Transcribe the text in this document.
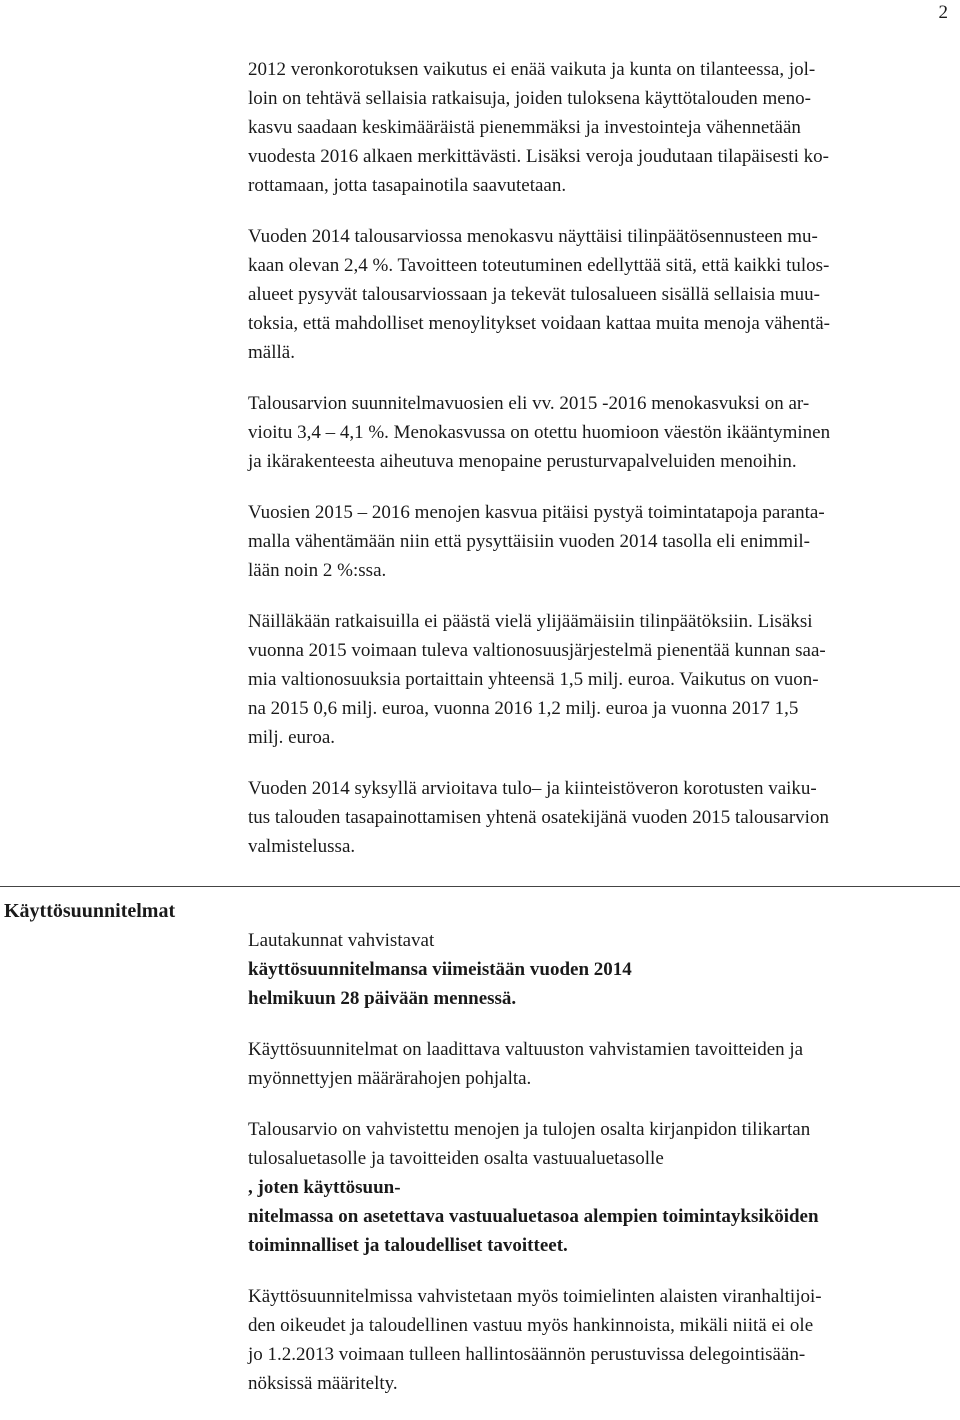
2

2012 veronkorotuksen vaikutus ei enää vaikuta ja kunta on tilanteessa, jol-
loin on tehtävä sellaisia ratkaisuja, joiden tuloksena käyttötalouden meno-
kasvu saadaan keskimääräistä pienemmäksi ja investointeja vähennetään
vuodesta 2016 alkaen merkittävästi. Lisäksi veroja joudutaan tilapäisesti ko-
rottamaan, jotta tasapainotila saavutetaan.

Vuoden 2014 talousarviossa menokasvu näyttäisi tilinpäätösennusteen mu-
kaan olevan 2,4 %. Tavoitteen toteutuminen edellyttää sitä, että kaikki tulos-
alueet pysyvät talousarviossaan ja tekevät tulosalueen sisällä sellaisia muu-
toksia, että mahdolliset menoylitykset voidaan kattaa muita menoja vähentä-
mällä.

Talousarvion suunnitelmavuosien eli vv. 2015 -2016 menokasvuksi on ar-
vioitu 3,4 – 4,1 %. Menokasvussa on otettu huomioon väestön ikääntyminen
ja ikärakenteesta aiheutuva menopaine perusturvapalveluiden menoihin.

Vuosien 2015 – 2016 menojen kasvua pitäisi pystyä toimintatapoja paranta-
malla vähentämään niin että pysyttäisiin vuoden 2014 tasolla eli enimmil-
lään noin 2 %:ssa.

Näilläkään ratkaisuilla ei päästä vielä ylijäämäisiin tilinpäätöksiin. Lisäksi
vuonna 2015 voimaan tuleva valtionosuusjärjestelmä pienentää kunnan saa-
mia valtionosuuksia portaittain yhteensä 1,5 milj. euroa. Vaikutus on vuon-
na 2015 0,6 milj. euroa, vuonna 2016 1,2 milj. euroa ja vuonna 2017 1,5
milj. euroa.

Vuoden 2014 syksyllä arvioitava tulo– ja kiinteistöveron korotusten vaiku-
tus talouden tasapainottamisen yhtenä osatekijänä vuoden 2015 talousarvion
valmistelussa.

Käyttösuunnitelmat

Lautakunnat vahvistavat
käyttösuunnitelmansa viimeistään vuoden 2014
helmikuun 28 päivään mennessä.

Käyttösuunnitelmat on laadittava valtuuston vahvistamien tavoitteiden ja
myönnettyjen määrärahojen pohjalta.

Talousarvio on vahvistettu menojen ja tulojen osalta kirjanpidon tilikartan
tulosaluetasolle ja tavoitteiden osalta vastuualuetasolle
, joten käyttösuun-
nitelmassa on asetettava vastuualuetasoa alempien toimintayksiköiden
toiminnalliset ja taloudelliset tavoitteet.

Käyttösuunnitelmissa vahvistetaan myös toimielinten alaisten viranhaltijoi-
den oikeudet ja taloudellinen vastuu myös hankinnoista, mikäli niitä ei ole
jo 1.2.2013 voimaan tulleen hallintosäännön perustuvissa delegointisään-
nöksissä määritelty.
